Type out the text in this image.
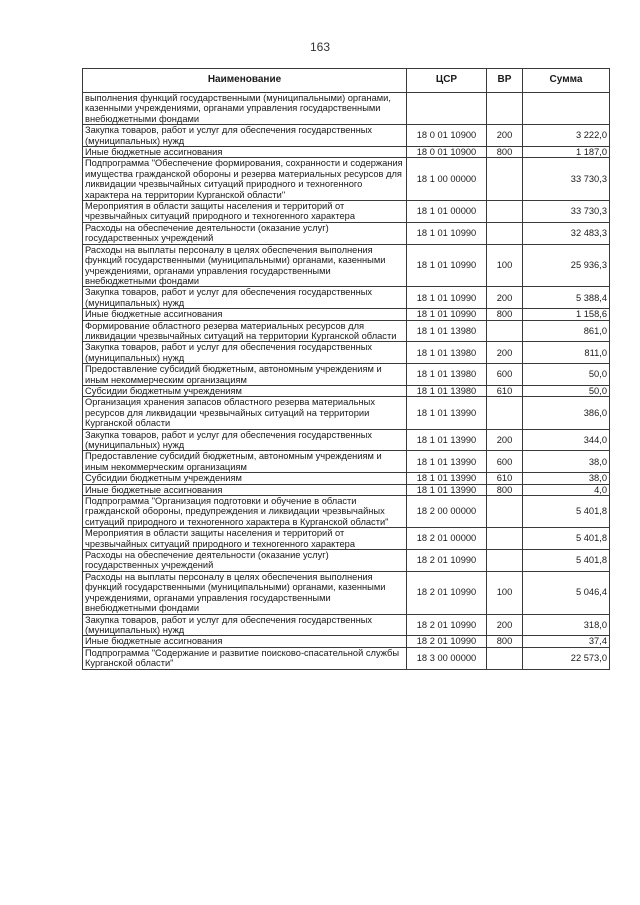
163
Наименование	ЦСР	ВР	Сумма
выполнения функций государственными (муниципальными) органами, казенными учреждениями, органами управления государственными внебюджетными фондами			
Закупка товаров, работ и услуг для обеспечения государственных (муниципальных) нужд	18 0 01 10900	200	3 222,0
Иные бюджетные ассигнования	18 0 01 10900	800	1 187,0
Подпрограмма "Обеспечение формирования, сохранности и содержания имущества гражданской обороны и резерва материальных ресурсов для ликвидации чрезвычайных ситуаций природного и техногенного характера на территории Курганской области"	18 1 00 00000		33 730,3
Мероприятия в области защиты населения и территорий от чрезвычайных ситуаций природного и техногенного характера	18 1 01 00000		33 730,3
Расходы на обеспечение деятельности (оказание услуг) государственных учреждений	18 1 01 10990		32 483,3
Расходы на выплаты персоналу в целях обеспечения выполнения функций государственными (муниципальными) органами, казенными учреждениями, органами управления государственными внебюджетными фондами	18 1 01 10990	100	25 936,3
Закупка товаров, работ и услуг для обеспечения государственных (муниципальных) нужд	18 1 01 10990	200	5 388,4
Иные бюджетные ассигнования	18 1 01 10990	800	1 158,6
Формирование областного резерва материальных ресурсов для ликвидации чрезвычайных ситуаций на территории Курганской области	18 1 01 13980		861,0
Закупка товаров, работ и услуг для обеспечения государственных (муниципальных) нужд	18 1 01 13980	200	811,0
Предоставление субсидий бюджетным, автономным учреждениям и иным некоммерческим организациям	18 1 01 13980	600	50,0
Субсидии бюджетным учреждениям	18 1 01 13980	610	50,0
Организация хранения запасов областного резерва материальных ресурсов для ликвидации чрезвычайных ситуаций на территории Курганской области	18 1 01 13990		386,0
Закупка товаров, работ и услуг для обеспечения государственных (муниципальных) нужд	18 1 01 13990	200	344,0
Предоставление субсидий бюджетным, автономным учреждениям и иным некоммерческим организациям	18 1 01 13990	600	38,0
Субсидии бюджетным учреждениям	18 1 01 13990	610	38,0
Иные бюджетные ассигнования	18 1 01 13990	800	4,0
Подпрограмма "Организация подготовки и обучение в области гражданской обороны, предупреждения и ликвидации чрезвычайных ситуаций природного и техногенного характера в Курганской области"	18 2 00 00000		5 401,8
Мероприятия в области защиты населения и территорий от чрезвычайных ситуаций природного и техногенного характера	18 2 01 00000		5 401,8
Расходы на обеспечение деятельности (оказание услуг) государственных учреждений	18 2 01 10990		5 401,8
Расходы на выплаты персоналу в целях обеспечения выполнения функций государственными (муниципальными) органами, казенными учреждениями, органами управления государственными внебюджетными фондами	18 2 01 10990	100	5 046,4
Закупка товаров, работ и услуг для обеспечения государственных (муниципальных) нужд	18 2 01 10990	200	318,0
Иные бюджетные ассигнования	18 2 01 10990	800	37,4
Подпрограмма "Содержание и развитие поисково-спасательной службы Курганской области"	18 3 00 00000		22 573,0
